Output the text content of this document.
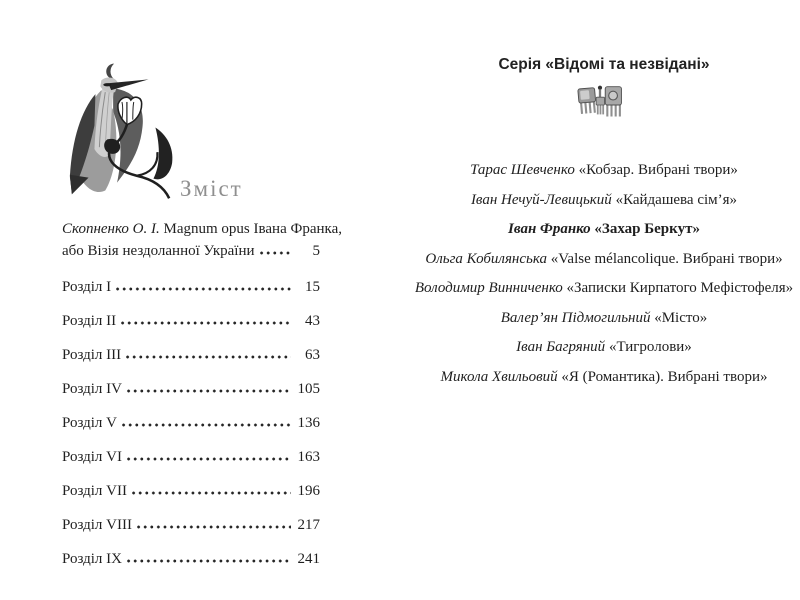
Зміст
Скопненко О. І. Magnum opus Івана Франка,
або Візія нездоланної України	5
Розділ I	15
Розділ II	43
Розділ III	63
Розділ IV	105
Розділ V	136
Розділ VI	163
Розділ VII	196
Розділ VIII	217
Розділ IX	241
Серія «Відомі та незвідані»
Тарас Шевченко «Кобзар. Вибрані твори»
Іван Нечуй-Левицький «Кайдашева сім’я»
Іван Франко «Захар Беркут»
Ольга Кобилянська «Valse mélancolique. Вибрані твори»
Володимир Винниченко «Записки Кирпатого Мефістофеля»
Валер’ян Підмогильний «Місто»
Іван Багряний «Тигролови»
Микола Хвильовий «Я (Романтика). Вибрані твори»
